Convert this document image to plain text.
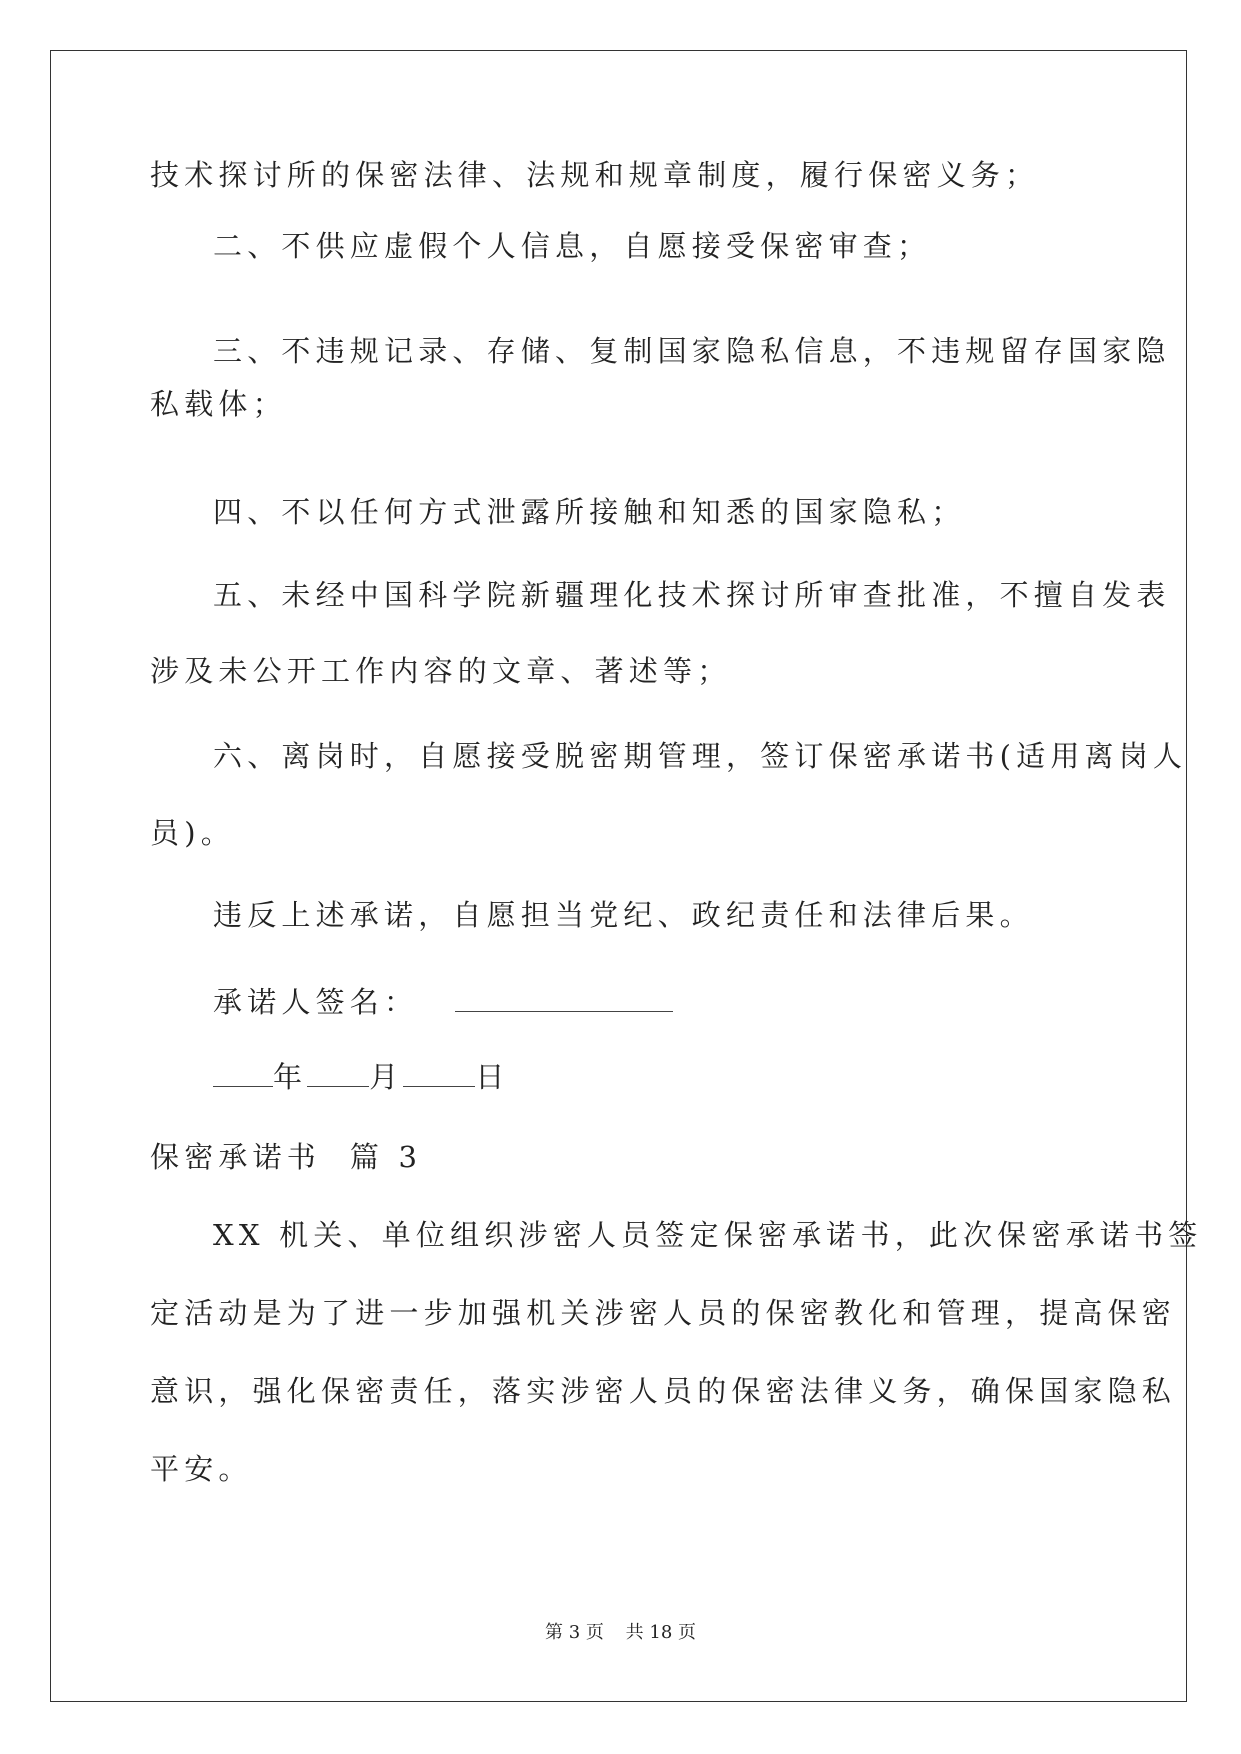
技术探讨所的保密法律、法规和规章制度，履行保密义务；
二、不供应虚假个人信息，自愿接受保密审查；
三、不违规记录、存储、复制国家隐私信息，不违规留存国家隐
私载体；
四、不以任何方式泄露所接触和知悉的国家隐私；
五、未经中国科学院新疆理化技术探讨所审查批准，不擅自发表
涉及未公开工作内容的文章、著述等；
六、离岗时，自愿接受脱密期管理，签订保密承诺书(适用离岗人
员)。
违反上述承诺，自愿担当党纪、政纪责任和法律后果。
承诺人签名：
年 月 日
保密承诺书  篇 3
XX 机关、单位组织涉密人员签定保密承诺书，此次保密承诺书签
定活动是为了进一步加强机关涉密人员的保密教化和管理，提高保密
意识，强化保密责任，落实涉密人员的保密法律义务，确保国家隐私
平安。
第 3 页 共 18 页
